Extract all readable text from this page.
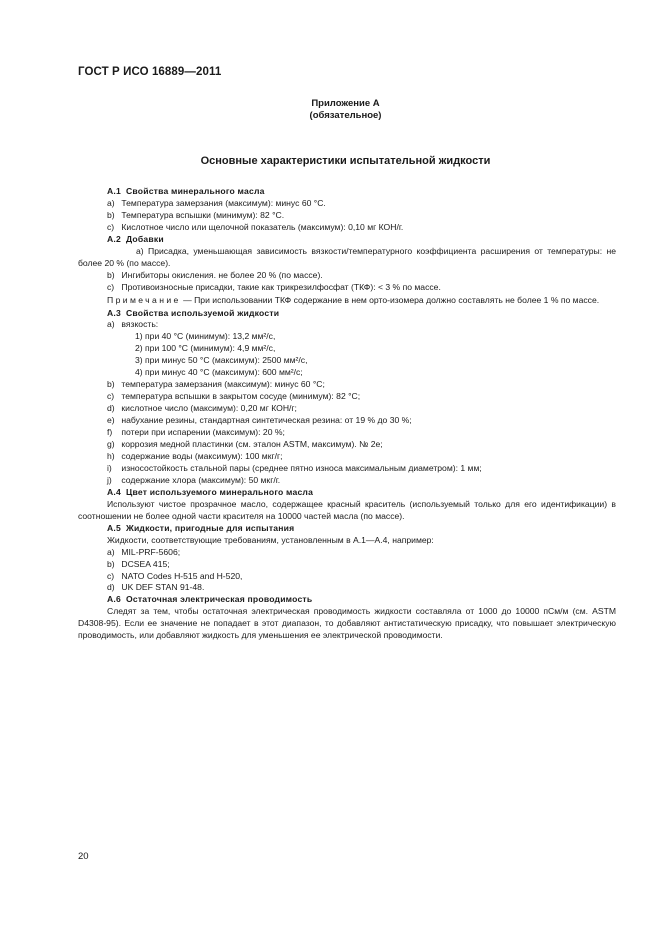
ГОСТ Р ИСО 16889—2011
Приложение А
(обязательное)
Основные характеристики испытательной жидкости

А.1 Свойства минерального масла

а) Температура замерзания (максимум): минус 60 °С.

b) Температура вспышки (минимум): 82 °С.

с) Кислотное число или щелочной показатель (максимум): 0,10 мг КОН/г.

А.2 Добавки

а) Присадка, уменьшающая зависимость вязкости/температурного коэффициента расширения от температуры: не более 20 % (по массе).

b) Ингибиторы окисления. не более 20 % (по массе).

с) Противоизносные присадки, такие как трикрезилфосфат (ТКФ): < 3 % по массе.

Примечание — При использовании ТКФ содержание в нем орто-изомера должно составлять не более 1 % по массе.

А.3 Свойства используемой жидкости

а) вязкость:

1) при 40 °С (минимум): 13,2 мм²/с,

2) при 100 °С (минимум): 4,9 мм²/с,

3) при минус 50 °С (максимум): 2500 мм²/с,

4) при минус 40 °С (максимум): 600 мм²/с;

b) температура замерзания (максимум): минус 60 °С;

с) температура вспышки в закрытом сосуде (минимум): 82 °С;

d) кислотное число (максимум): 0,20 мг КОН/г;

е) набухание резины, стандартная синтетическая резина: от 19 % до 30 %;

f) потери при испарении (максимум): 20 %;

g) коррозия медной пластинки (см. эталон ASTM, максимум). № 2е;

h) содержание воды (максимум): 100 мкг/г;

i) износостойкость стальной пары (среднее пятно износа максимальным диаметром): 1 мм;

j) содержание хлора (максимум): 50 мкг/г.

А.4 Цвет используемого минерального масла

Используют чистое прозрачное масло, содержащее красный краситель (используемый только для его идентификации) в соотношении не более одной части красителя на 10000 частей масла (по массе).

А.5 Жидкости, пригодные для испытания

Жидкости, соответствующие требованиям, установленным в А.1—А.4, например:

а) MIL-PRF-5606;

b) DCSEA 415;

с) NATO Codes H-515 and H-520,

d) UK DEF STAN 91-48.

А.6 Остаточная электрическая проводимость

Следят за тем, чтобы остаточная электрическая проводимость жидкости составляла от 1000 до 10000 пСм/м (см. ASTM D4308-95). Если ее значение не попадает в этот диапазон, то добавляют антистатическую присадку, что повышает электрическую проводимость, или добавляют жидкость для уменьшения ее электрической проводимости.

20
